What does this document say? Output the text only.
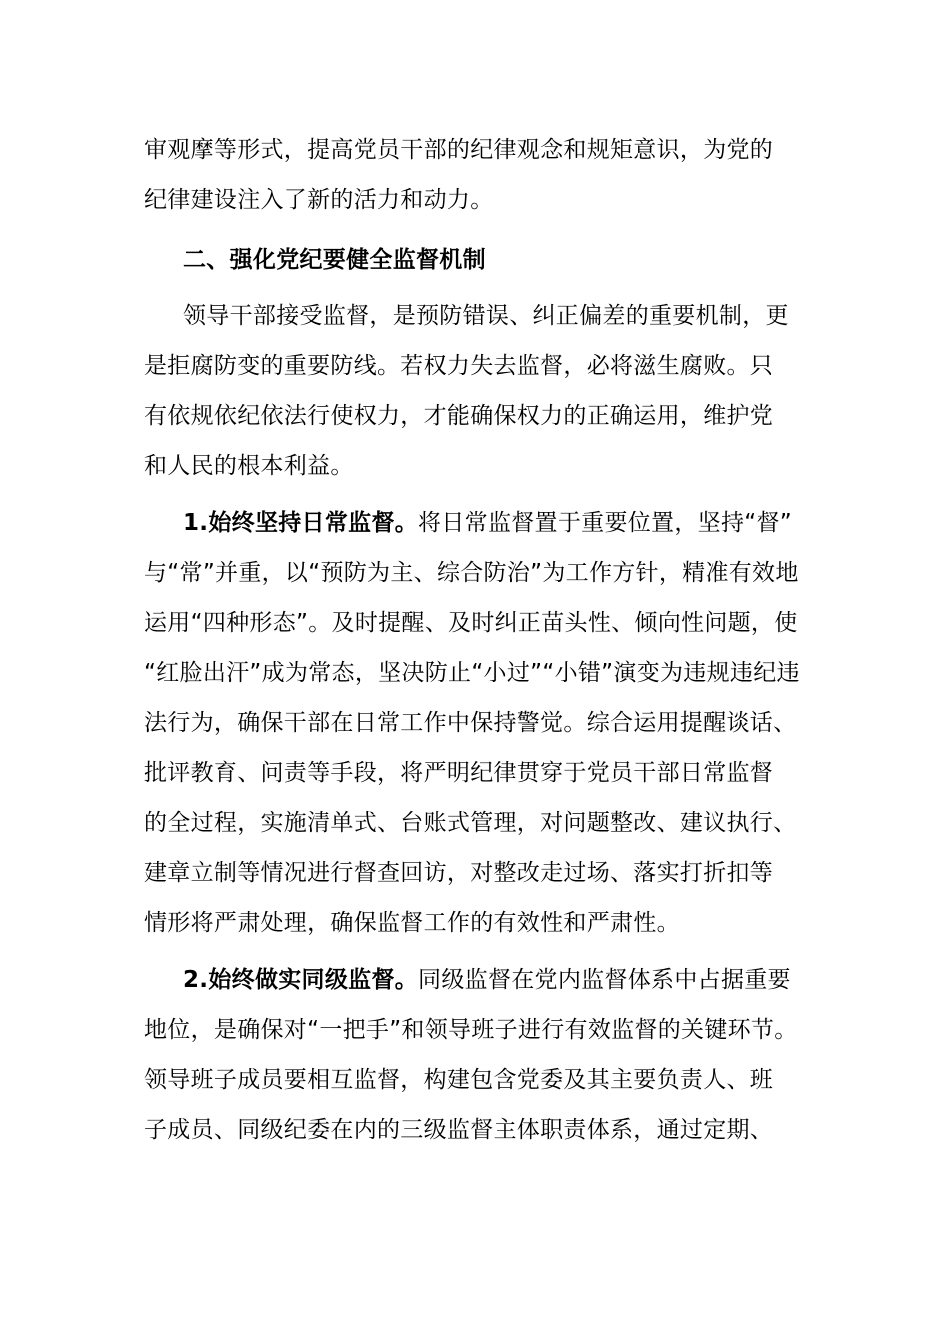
审观摩等形式，提高党员干部的纪律观念和规矩意识，为党的
纪律建设注入了新的活力和动力。
二、强化党纪要健全监督机制
领导干部接受监督，是预防错误、纠正偏差的重要机制，更
是拒腐防变的重要防线。若权力失去监督，必将滋生腐败。只
有依规依纪依法行使权力，才能确保权力的正确运用，维护党
和人民的根本利益。
1.始终坚持日常监督。将日常监督置于重要位置，坚持“督”
与“常”并重，以“预防为主、综合防治”为工作方针，精准有效地
运用“四种形态”。及时提醒、及时纠正苗头性、倾向性问题，使
“红脸出汗”成为常态，坚决防止“小过”“小错”演变为违规违纪违
法行为，确保干部在日常工作中保持警觉。综合运用提醒谈话、
批评教育、问责等手段，将严明纪律贯穿于党员干部日常监督
的全过程，实施清单式、台账式管理，对问题整改、建议执行、
建章立制等情况进行督查回访，对整改走过场、落实打折扣等
情形将严肃处理，确保监督工作的有效性和严肃性。
2.始终做实同级监督。同级监督在党内监督体系中占据重要
地位，是确保对“一把手”和领导班子进行有效监督的关键环节。
领导班子成员要相互监督，构建包含党委及其主要负责人、班
子成员、同级纪委在内的三级监督主体职责体系，通过定期、
